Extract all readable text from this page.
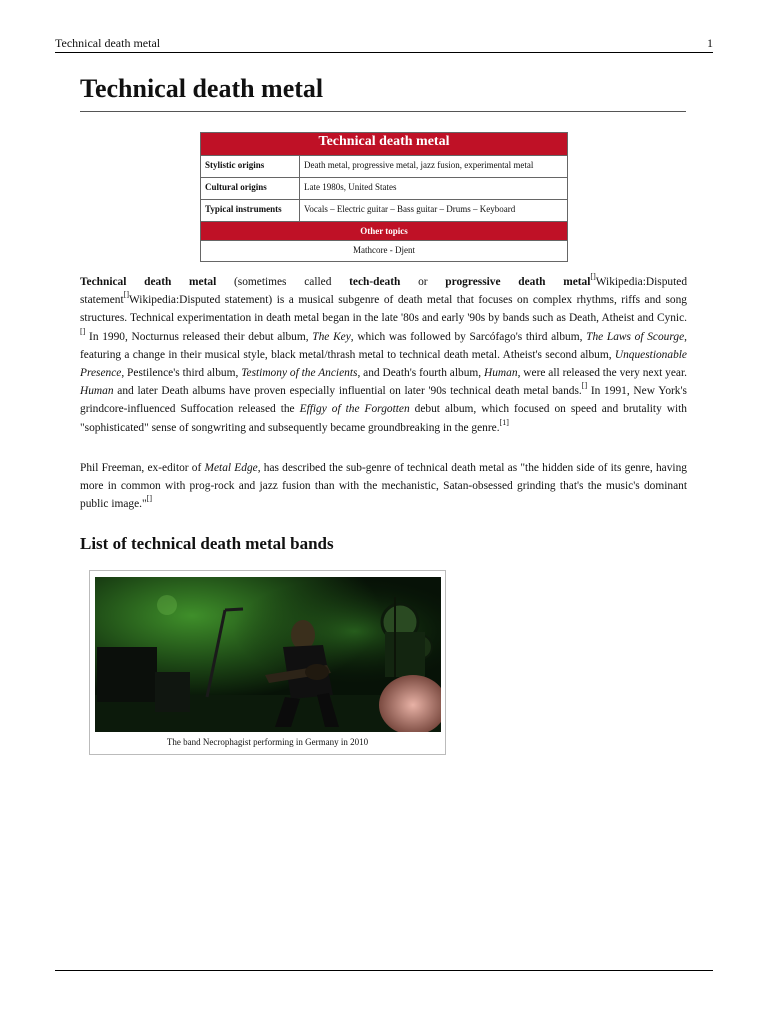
Technical death metal	1
Technical death metal
Technical death metal	
Stylistic origins	Death metal, progressive metal, jazz fusion, experimental metal
Cultural origins	Late 1980s, United States
Typical instruments	Vocals – Electric guitar – Bass guitar – Drums – Keyboard
Other topics	
Mathcore - Djent	

Technical death metal (sometimes called tech-death or progressive death metal[]Wikipedia:Disputed statement[]Wikipedia:Disputed statement) is a musical subgenre of death metal that focuses on complex rhythms, riffs and song structures. Technical experimentation in death metal began in the late '80s and early '90s by bands such as Death, Atheist and Cynic.[] In 1990, Nocturnus released their debut album, The Key, which was followed by Sarcófago's third album, The Laws of Scourge, featuring a change in their musical style, black metal/thrash metal to technical death metal. Atheist's second album, Unquestionable Presence, Pestilence's third album, Testimony of the Ancients, and Death's fourth album, Human, were all released the very next year. Human and later Death albums have proven especially influential on later '90s technical death metal bands.[] In 1991, New York's grindcore-influenced Suffocation released the Effigy of the Forgotten debut album, which focused on speed and brutality with "sophisticated" sense of songwriting and subsequently became groundbreaking in the genre.[1]

Phil Freeman, ex-editor of Metal Edge, has described the sub-genre of technical death metal as "the hidden side of its genre, having more in common with prog-rock and jazz fusion than with the mechanistic, Satan-obsessed grinding that's the music's dominant public image."[]

List of technical death metal bands
The band Necrophagist performing in Germany in 2010
